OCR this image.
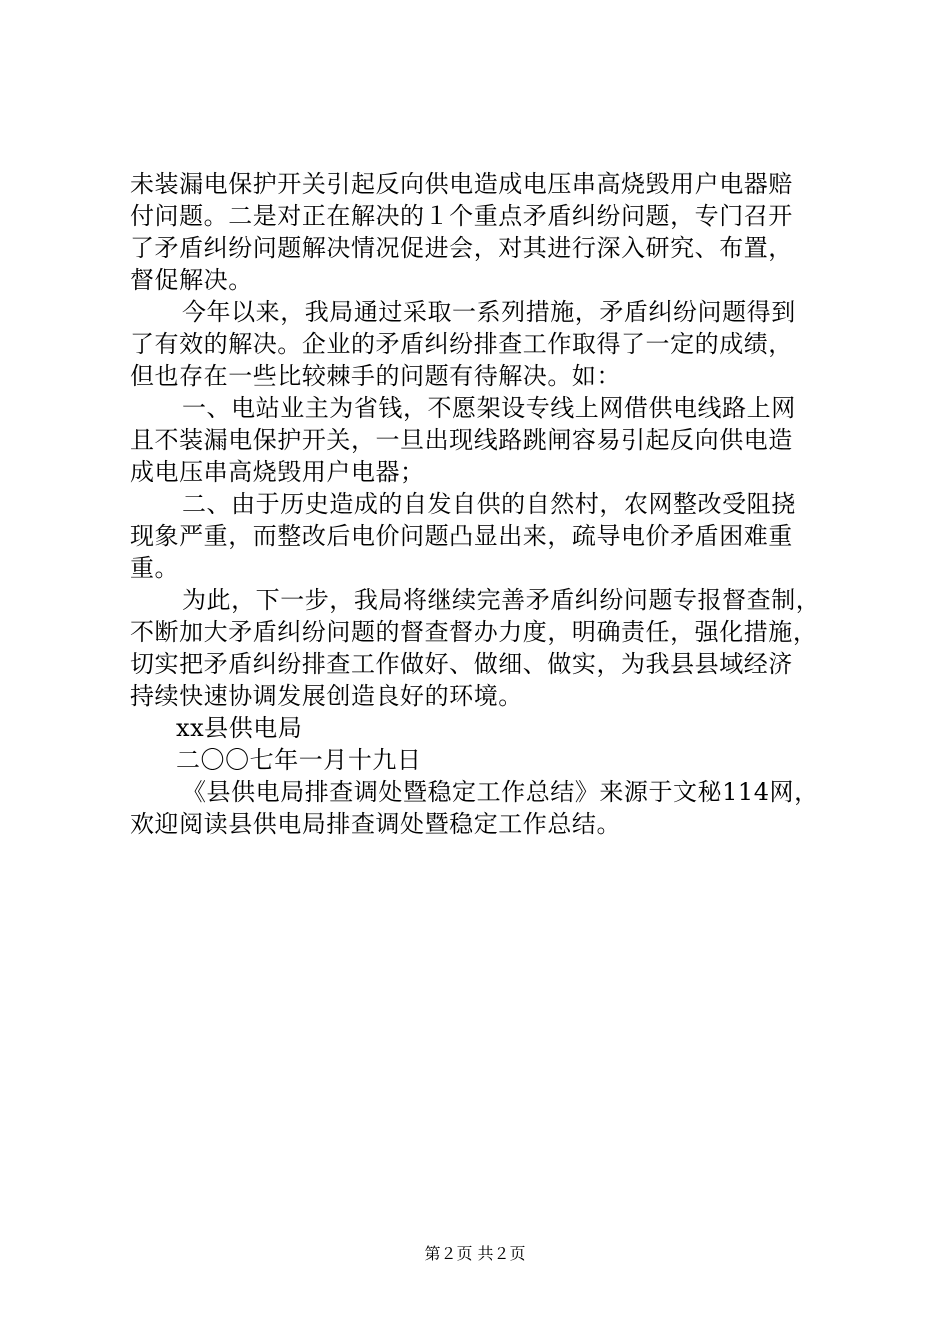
未装漏电保护开关引起反向供电造成电压串高烧毁用户电器赔
付问题。二是对正在解决的１个重点矛盾纠纷问题，专门召开
了矛盾纠纷问题解决情况促进会，对其进行深入研究、布置，
督促解决。
今年以来，我局通过采取一系列措施，矛盾纠纷问题得到
了有效的解决。企业的矛盾纠纷排查工作取得了一定的成绩，
但也存在一些比较棘手的问题有待解决。如：
一、电站业主为省钱，不愿架设专线上网借供电线路上网
且不装漏电保护开关，一旦出现线路跳闸容易引起反向供电造
成电压串高烧毁用户电器；
二、由于历史造成的自发自供的自然村，农网整改受阻挠
现象严重，而整改后电价问题凸显出来，疏导电价矛盾困难重
重。
为此，下一步，我局将继续完善矛盾纠纷问题专报督查制，
不断加大矛盾纠纷问题的督查督办力度，明确责任，强化措施，
切实把矛盾纠纷排查工作做好、做细、做实，为我县县域经济
持续快速协调发展创造良好的环境。
xx县供电局
二〇〇七年一月十九日
《县供电局排查调处暨稳定工作总结》来源于文秘114网，
欢迎阅读县供电局排查调处暨稳定工作总结。
第２页 共２页
